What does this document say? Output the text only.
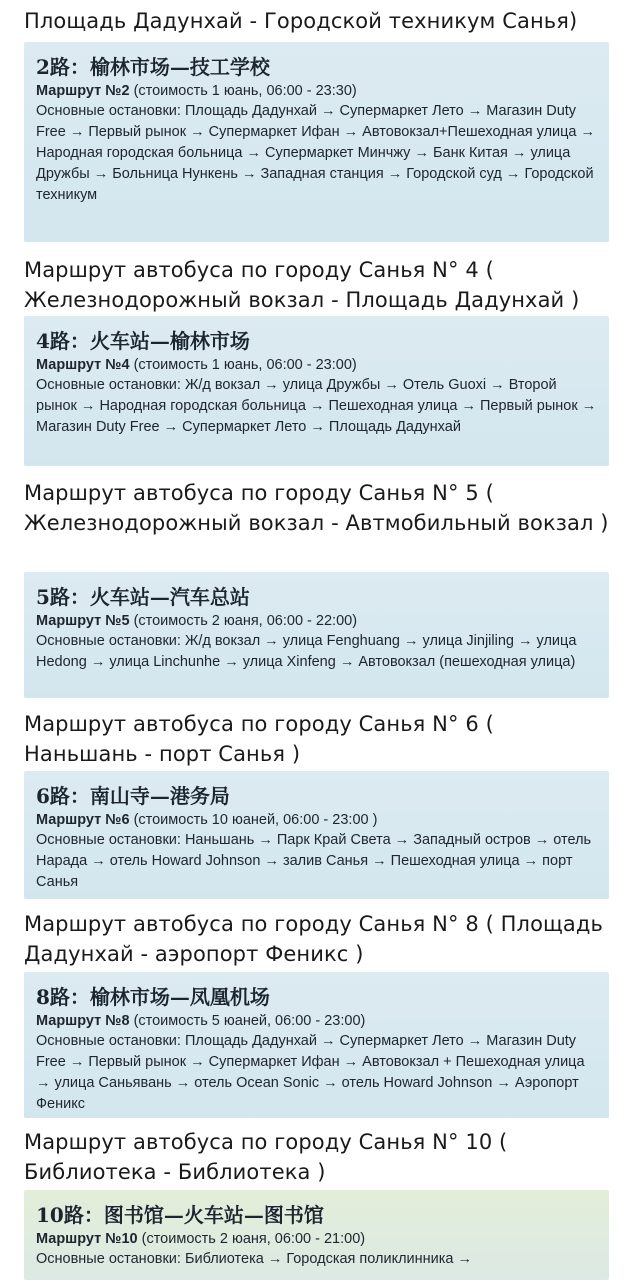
Площадь Дадунхай - Городской техникум Санья)
2路：榆林市场—技工学校
Маршрут №2 (стоимость 1 юань, 06:00 - 23:30)
Основные остановки: Площадь Дадунхай → Супермаркет Лето → Магазин Duty Free → Первый рынок → Супермаркет Ифан → Автовокзал+Пешеходная улица → Народная городская больница → Супермаркет Минчжу → Банк Китая → улица Дружбы → Больница Нункень → Западная станция → Городской суд → Городской техникум
Маршрут автобуса по городу Санья N° 4 ( Железнодорожный вокзал - Площадь Дадунхай )
4路：火车站—榆林市场
Маршрут №4 (стоимость 1 юань, 06:00 - 23:00)
Основные остановки: Ж/д вокзал → улица Дружбы → Отель Guoxi → Второй рынок → Народная городская больница → Пешеходная улица → Первый рынок → Магазин Duty Free → Супермаркет Лето → Площадь Дадунхай
Маршрут автобуса по городу Санья N° 5 ( Железнодорожный вокзал - Автмобильный вокзал )
5路：火车站—汽车总站
Маршрут №5 (стоимость 2 юаня, 06:00 - 22:00)
Основные остановки: Ж/д вокзал → улица Fenghuang → улица Jinjiling → улица Hedong → улица Linchunhe → улица Xinfeng → Автовокзал (пешеходная улица)
Маршрут автобуса по городу Санья N° 6 ( Наньшань - порт Санья )
6路：南山寺—港务局
Маршрут №6 (стоимость 10 юаней, 06:00 - 23:00 )
Основные остановки: Наньшань → Парк Край Света → Западный остров → отель Нарада → отель Howard Johnson → залив Санья → Пешеходная улица → порт Санья
Маршрут автобуса по городу Санья N° 8 ( Площадь Дадунхай - аэропорт Феникс )
8路：榆林市场—凤凰机场
Маршрут №8 (стоимость 5 юаней, 06:00 - 23:00)
Основные остановки: Площадь Дадунхай → Супермаркет Лето → Магазин Duty Free → Первый рынок → Супермаркет Ифан → Автовокзал + Пешеходная улица → улица Саньявань → отель Ocean Sonic → отель Howard Johnson → Аэропорт Феникс
Маршрут автобуса по городу Санья N° 10 ( Библиотека - Библиотека )
10路：图书馆—火车站—图书馆
Маршрут №10 (стоимость 2 юаня, 06:00 - 21:00)
Основные остановки: Библиотека → Городская поликлинника →
